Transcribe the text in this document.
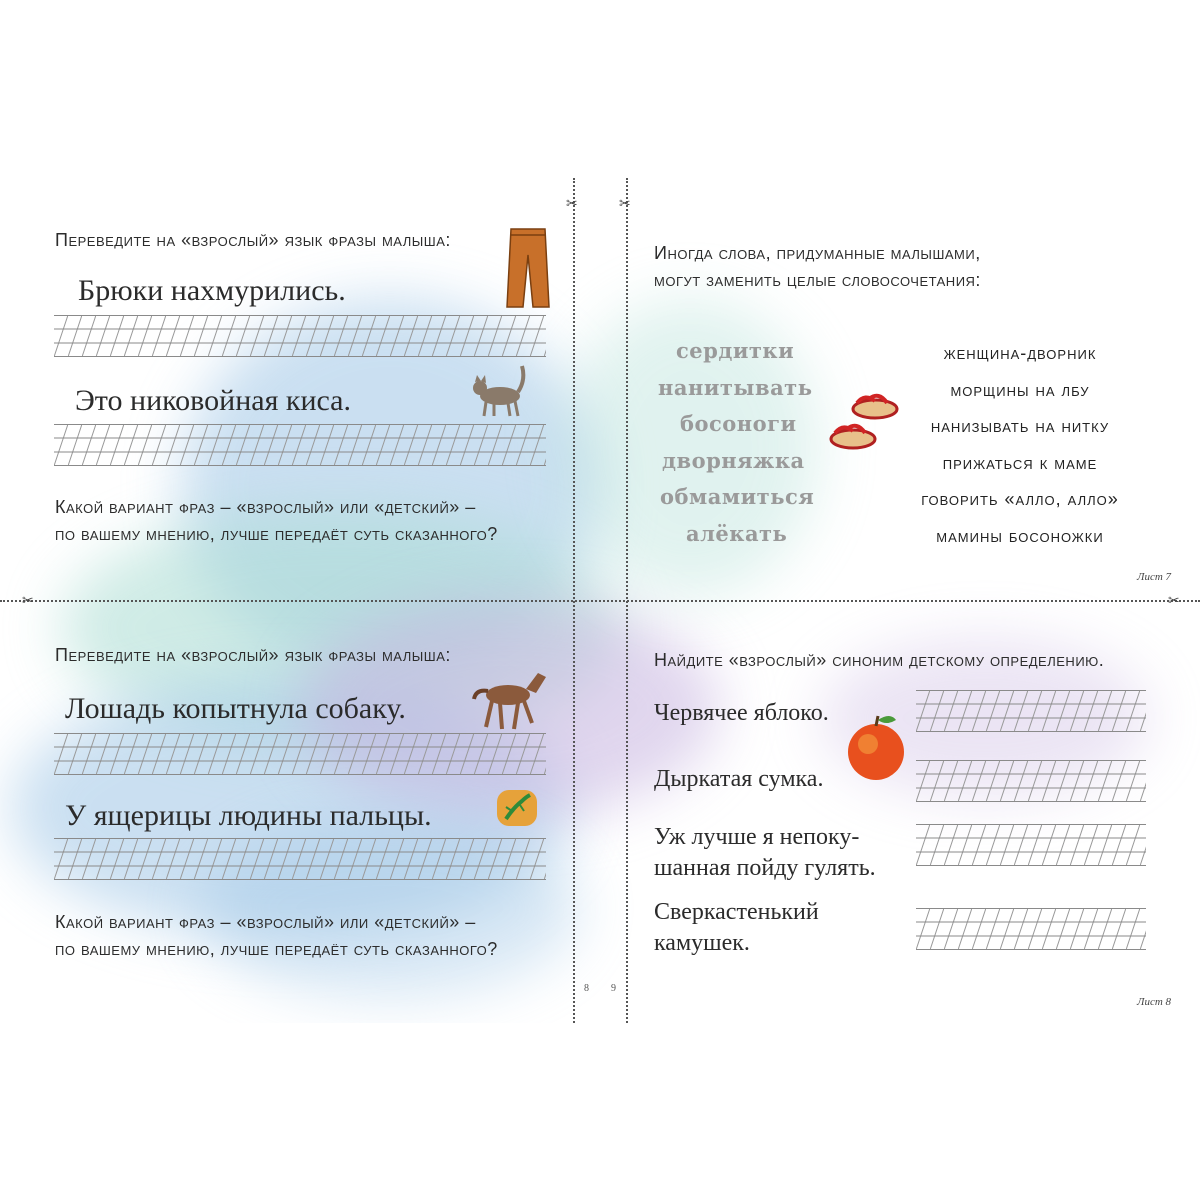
✂	✂
✂	✂
Переведите на «взрослый» язык фразы малыша:
Брюки нахмурились.
Это никовойная киса.
Какой вариант фраз – «взрослый» или «детский» –
по вашему мнению, лучше передаёт суть сказанного?
Иногда слова, придуманные малышами,
могут заменить целые словосочетания:
сердитки
нанитывать
босоноги
дворняжка
обмамиться
алёкать
женщина-дворник
морщины на лбу
нанизывать на нитку
прижаться к маме
говорить «алло, алло»
мамины босоножки
Лист 7
Переведите на «взрослый» язык фразы малыша:
Лошадь копытнула собаку.
У ящерицы людины пальцы.
Какой вариант фраз – «взрослый» или «детский» –
по вашему мнению, лучше передаёт суть сказанного?
8
Найдите «взрослый» синоним детскому определению.
Червячее яблоко.
Дыркатая сумка.
Уж лучше я непоку-
шанная пойду гулять.
Сверкастенький
камушек.
9
Лист 8
